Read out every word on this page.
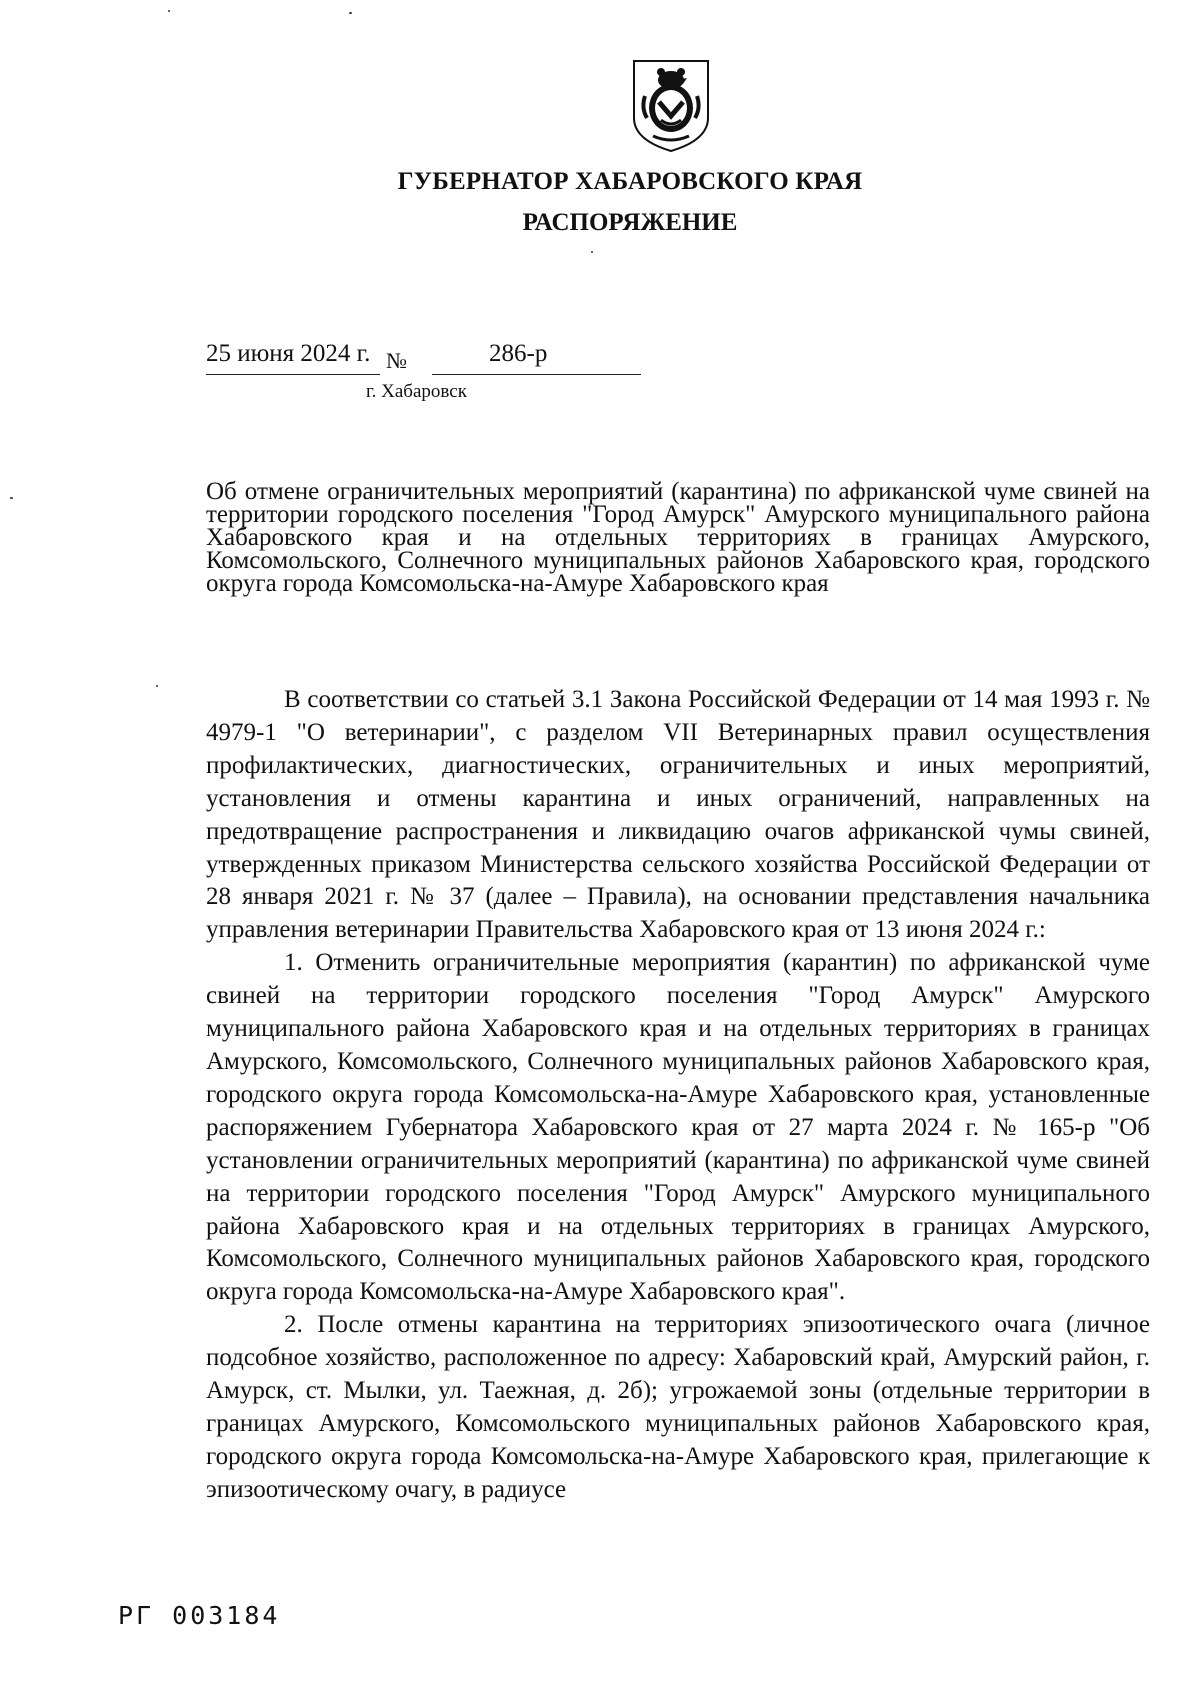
ГУБЕРНАТОР ХАБАРОВСКОГО КРАЯ
РАСПОРЯЖЕНИЕ
25 июня 2024 г. №	286-р
г. Хабаровск
Об отмене ограничительных мероприятий (карантина) по африканской чуме свиней на территории городского поселения "Город Амурск" Амурского муниципального района Хабаровского края и на отдельных территориях в границах Амурского, Комсомольского, Солнечного муниципальных районов Хабаровского края, городского округа города Комсомольска-на-Амуре Хабаровского края

В соответствии со статьей 3.1 Закона Российской Федерации от 14 мая 1993 г. № 4979-1 "О ветеринарии", с разделом VII Ветеринарных правил осуществления профилактических, диагностических, ограничительных и иных мероприятий, установления и отмены карантина и иных ограничений, направленных на предотвращение распространения и ликвидацию очагов африканской чумы свиней, утвержденных приказом Министерства сельского хозяйства Российской Федерации от 28 января 2021 г. № 37 (далее – Правила), на основании представления начальника управления ветеринарии Правительства Хабаровского края от 13 июня 2024 г.:

1. Отменить ограничительные мероприятия (карантин) по африканской чуме свиней на территории городского поселения "Город Амурск" Амурского муниципального района Хабаровского края и на отдельных территориях в границах Амурского, Комсомольского, Солнечного муниципальных районов Хабаровского края, городского округа города Комсомольска-на-Амуре Хабаровского края, установленные распоряжением Губернатора Хабаровского края от 27 марта 2024 г. № 165-р "Об установлении ограничительных мероприятий (карантина) по африканской чуме свиней на территории городского поселения "Город Амурск" Амурского муниципального района Хабаровского края и на отдельных территориях в границах Амурского, Комсомольского, Солнечного муниципальных районов Хабаровского края, городского округа города Комсомольска-на-Амуре Хабаровского края".

2. После отмены карантина на территориях эпизоотического очага (личное подсобное хозяйство, расположенное по адресу: Хабаровский край, Амурский район, г. Амурск, ст. Мылки, ул. Таежная, д. 2б); угрожаемой зоны (отдельные территории в границах Амурского, Комсомольского муниципальных районов Хабаровского края, городского округа города Комсомольска-на-Амуре Хабаровского края, прилегающие к эпизоотическому очагу, в радиусе

РГ 003184
